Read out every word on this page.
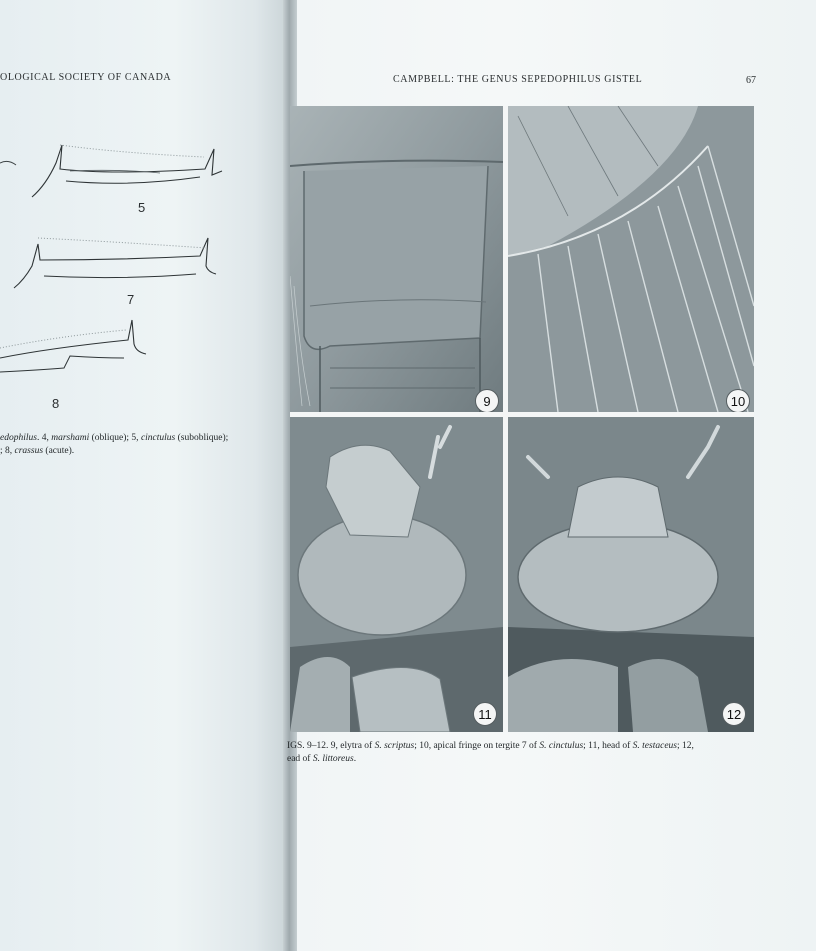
OLOGICAL SOCIETY OF CANADA
5
7
8
edophilus. 4, marshami (oblique); 5, cinctulus (suboblique);
; 8, crassus (acute).
CAMPBELL: THE GENUS SEPEDOPHILUS GISTEL	67
9	10
11	12
IGS. 9–12. 9, elytra of S. scriptus; 10, apical fringe on tergite 7 of S. cinctulus; 11, head of S. testaceus; 12,
ead of S. littoreus.
